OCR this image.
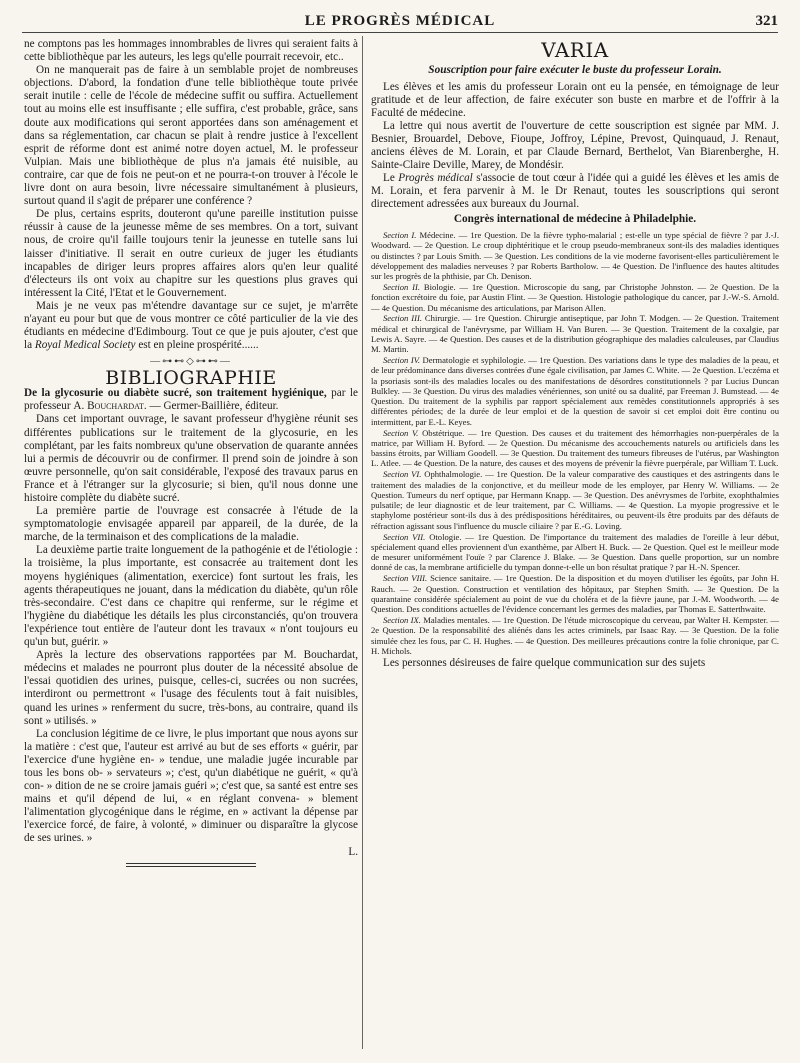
LE PROGRÈS MÉDICAL	321

ne comptons pas les hommages innombrables de livres qui seraient faits à cette bibliothèque par les auteurs, les legs qu'elle pourrait recevoir, etc..

On ne manquerait pas de faire à un semblable projet de nombreuses objections. D'abord, la fondation d'une telle bibliothèque toute privée serait inutile : celle de l'école de médecine suffit ou suffira. Actuellement tout au moins elle est insuffisante ; elle suffira, c'est probable, grâce, sans doute aux modifications qui seront apportées dans son aménagement et dans sa réglementation, car chacun se plait à rendre justice à l'excellent esprit de réforme dont est animé notre doyen actuel, M. le professeur Vulpian. Mais une bibliothèque de plus n'a jamais été nuisible, au contraire, car que de fois ne peut-on et ne pourra-t-on trouver à l'école le livre dont on aura besoin, livre nécessaire simultanément à plusieurs, surtout quand il s'agit de préparer une conférence ?

De plus, certains esprits, douteront qu'une pareille institution puisse réussir à cause de la jeunesse même de ses membres. On a tort, suivant nous, de croire qu'il faille toujours tenir la jeunesse en tutelle sans lui laisser d'initiative. Il serait en outre curieux de juger les étudiants incapables de diriger leurs propres affaires alors qu'en leur qualité d'électeurs ils ont voix au chapitre sur les questions plus graves qui intéressent la Cité, l'Etat et le Gouvernement.

Mais je ne veux pas m'étendre davantage sur ce sujet, je m'arrête n'ayant eu pour but que de vous montrer ce côté particulier de la vie des étudiants en médecine d'Edimbourg. Tout ce que je puis ajouter, c'est que la Royal Medical Society est en pleine prospérité......

—⊶⊷◇⊶⊷—
BIBLIOGRAPHIE

De la glycosurie ou diabète sucré, son traitement hygiénique, par le professeur A. Bouchardat. — Germer-Baillière, éditeur.

Dans cet important ouvrage, le savant professeur d'hygiène réunit ses différentes publications sur le traitement de la glycosurie, en les complétant, par les faits nombreux qu'une observation de quarante années lui a permis de découvrir ou de confirmer. Il prend soin de joindre à son œuvre personnelle, qu'on sait considérable, l'exposé des travaux parus en France et à l'étranger sur la glycosurie; si bien, qu'il nous donne une histoire complète du diabète sucré.

La première partie de l'ouvrage est consacrée à l'étude de la symptomatologie envisagée appareil par appareil, de la durée, de la marche, de la terminaison et des complications de la maladie.

La deuxième partie traite longuement de la pathogénie et de l'étiologie : la troisième, la plus importante, est consacrée au traitement dont les moyens hygiéniques (alimentation, exercice) font surtout les frais, les agents thérapeutiques ne jouant, dans la médication du diabète, qu'un rôle très-secondaire. C'est dans ce chapitre qui renferme, sur le régime et l'hygiène du diabétique les détails les plus circonstanciés, qu'on trouvera l'expérience tout entière de l'auteur dont les travaux « n'ont toujours eu qu'un but, guérir. »

Après la lecture des observations rapportées par M. Bouchardat, médecins et malades ne pourront plus douter de la nécessité absolue de l'essai quotidien des urines, puisque, celles-ci, sucrées ou non sucrées, interdiront ou permettront « l'usage des féculents tout à fait nuisibles, quand les urines » renferment du sucre, très-bons, au contraire, quand ils sont » utilisés. »

La conclusion légitime de ce livre, le plus important que nous ayons sur la matière : c'est que, l'auteur est arrivé au but de ses efforts « guérir, par l'exercice d'une hygiène en- » tendue, une maladie jugée incurable par tous les bons ob- » servateurs »; c'est, qu'un diabétique ne guérit, « qu'à con- » dition de ne se croire jamais guéri »; c'est que, sa santé est entre ses mains et qu'il dépend de lui, « en réglant convena- » blement l'alimentation glycogénique dans le régime, en » activant la dépense par l'exercice forcé, de faire, à volonté, » diminuer ou disparaître la glycose de ses urines. »

L.
VARIA
Souscription pour faire exécuter le buste du professeur Lorain.

Les élèves et les amis du professeur Lorain ont eu la pensée, en témoignage de leur gratitude et de leur affection, de faire exécuter son buste en marbre et de l'offrir à la Faculté de médecine.

La lettre qui nous avertit de l'ouverture de cette souscription est signée par MM. J. Besnier, Brouardel, Debove, Fioupe, Joffroy, Lépine, Prevost, Quinquaud, J. Renaut, anciens élèves de M. Lorain, et par Claude Bernard, Berthelot, Van Biarenberghe, H. Sainte-Claire Deville, Marey, de Mondésir.

Le Progrès médical s'associe de tout cœur à l'idée qui a guidé les élèves et les amis de M. Lorain, et fera parvenir à M. le Dr Renaut, toutes les souscriptions qui seront directement adressées aux bureaux du Journal.

Congrès international de médecine à Philadelphie.

Section I. Médecine. — 1re Question. De la fièvre typho-malarial ; est-elle un type spécial de fièvre ? par J.-J. Woodward. — 2e Question. Le croup diphtéritique et le croup pseudo-membraneux sont-ils des maladies identiques ou distinctes ? par Louis Smith. — 3e Question. Les conditions de la vie moderne favorisent-elles particulièrement le développement des maladies nerveuses ? par Roberts Bartholow. — 4e Question. De l'influence des hautes altitudes sur les progrès de la phthisie, par Ch. Denison.

Section II. Biologie. — 1re Question. Microscopie du sang, par Christophe Johnston. — 2e Question. De la fonction excrétoire du foie, par Austin Flint. — 3e Question. Histologie pathologique du cancer, par J.-W.-S. Arnold. — 4e Question. Du mécanisme des articulations, par Marison Allen.

Section III. Chirurgie. — 1re Question. Chirurgie antiseptique, par John T. Modgen. — 2e Question. Traitement médical et chirurgical de l'anévrysme, par William H. Van Buren. — 3e Question. Traitement de la coxalgie, par Lewis A. Sayre. — 4e Question. Des causes et de la distribution géographique des maladies calculeuses, par Claudius M. Martin.

Section IV. Dermatologie et syphilologie. — 1re Question. Des variations dans le type des maladies de la peau, et de leur prédominance dans diverses contrées d'une égale civilisation, par James C. White. — 2e Question. L'eczéma et la psoriasis sont-ils des maladies locales ou des manifestations de désordres constitutionnels ? par Lucius Duncan Bulkley. — 3e Question. Du virus des maladies vénériennes, son unité ou sa dualité, par Freeman J. Bumstead. — 4e Question. Du traitement de la syphilis par rapport spécialement aux remèdes constitutionnels appropriés à ses différentes périodes; de la durée de leur emploi et de la question de savoir si cet emploi doit être continu ou intermittent, par E.-L. Keyes.

Section V. Obstétrique. — 1re Question. Des causes et du traitement des hémorrhagies non-puerpérales de la matrice, par William H. Byford. — 2e Question. Du mécanisme des accouchements naturels ou artificiels dans les bassins étroits, par William Goodell. — 3e Question. Du traitement des tumeurs fibreuses de l'utérus, par Washington L. Atlee. — 4e Question. De la nature, des causes et des moyens de prévenir la fièvre puerpérale, par William T. Luck.

Section VI. Ophthalmologie. — 1re Question. De la valeur comparative des caustiques et des astringents dans le traitement des maladies de la conjonctive, et du meilleur mode de les employer, par Henry W. Williams. — 2e Question. Tumeurs du nerf optique, par Hermann Knapp. — 3e Question. Des anévrysmes de l'orbite, exophthalmies pulsatile; de leur diagnostic et de leur traitement, par C. Williams. — 4e Question. La myopie progressive et le staphylome postérieur sont-ils dus à des prédispositions héréditaires, ou peuvent-ils être produits par des défauts de réfraction agissant sous l'influence du muscle ciliaire ? par E.-G. Loving.

Section VII. Otologie. — 1re Question. De l'importance du traitement des maladies de l'oreille à leur début, spécialement quand elles proviennent d'un exanthème, par Albert H. Buck. — 2e Question. Quel est le meilleur mode de mesurer uniformément l'ouïe ? par Clarence J. Blake. — 3e Question. Dans quelle proportion, sur un nombre donné de cas, la membrane artificielle du tympan donne-t-elle un bon résultat pratique ? par H.-N. Spencer.

Section VIII. Science sanitaire. — 1re Question. De la disposition et du moyen d'utiliser les égoûts, par John H. Rauch. — 2e Question. Construction et ventilation des hôpitaux, par Stephen Smith. — 3e Question. De la quarantaine considérée spécialement au point de vue du choléra et de la fièvre jaune, par J.-M. Woodworth. — 4e Question. Des conditions actuelles de l'évidence concernant les germes des maladies, par Thomas E. Satterthwaite.

Section IX. Maladies mentales. — 1re Question. De l'étude microscopique du cerveau, par Walter H. Kempster. — 2e Question. De la responsabilité des aliénés dans les actes criminels, par Isaac Ray. — 3e Question. De la folie simulée chez les fous, par C. H. Hughes. — 4e Question. Des meilleures précautions contre la folie chronique, par C. H. Michols.

Les personnes désireuses de faire quelque communication sur des sujets
